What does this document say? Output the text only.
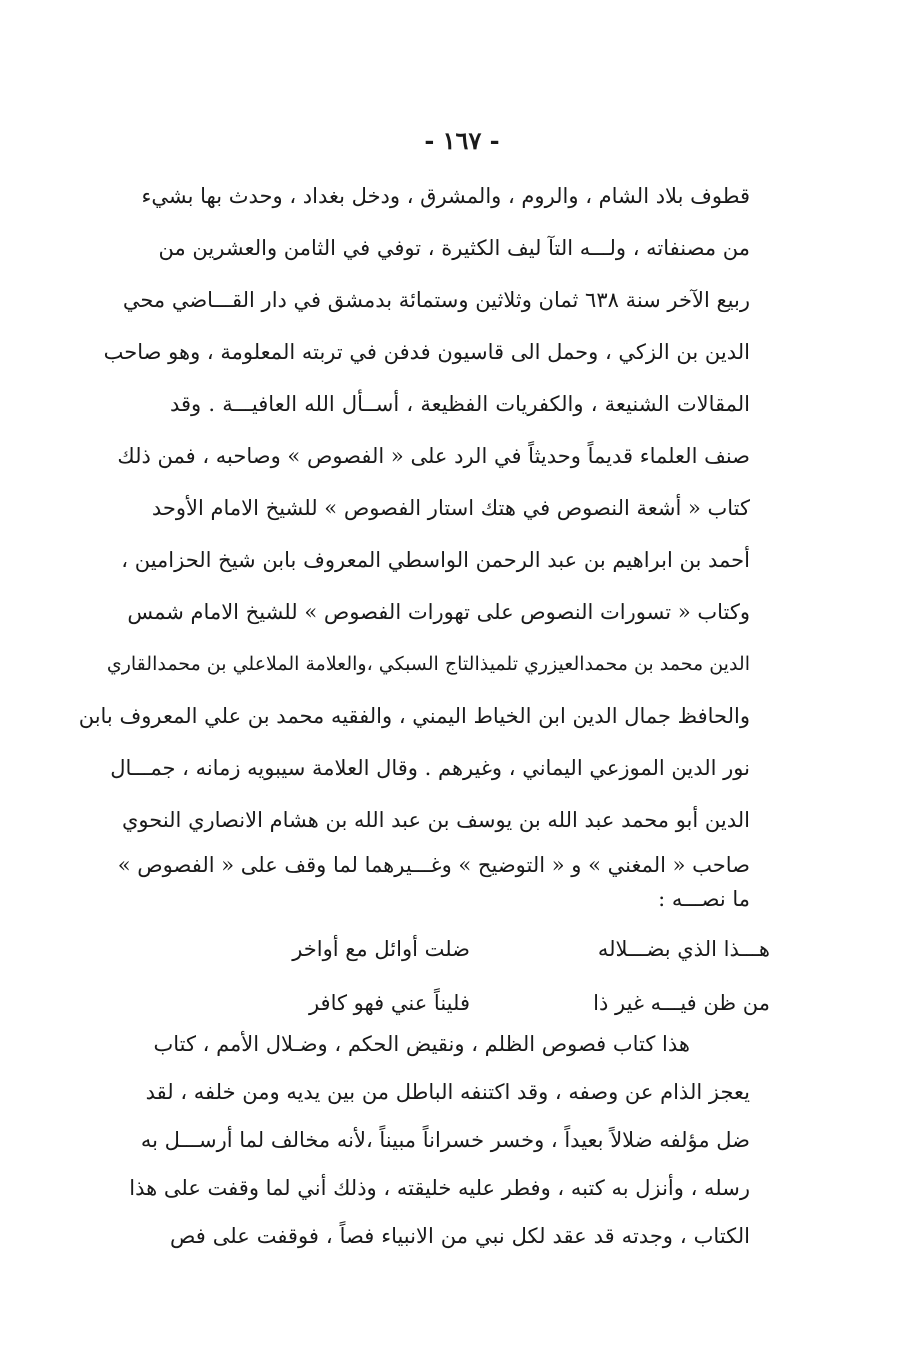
- ١٦٧ -
قطوف بلاد الشام ، والروم ، والمشرق ، ودخل بغداد ، وحدث بها بشيء
من مصنفاته ، ولـــه التآ ليف الكثيرة ، توفي في الثامن والعشرين من
ربيع الآخر سنة ٦٣٨ ثمان وثلاثين وستمائة بدمشق في دار القـــاضي محي
الدين بن الزكي ، وحمل الى قاسيون فدفن في تربته المعلومة ، وهو صاحب
المقالات الشنيعة ، والكفريات الفظيعة ، أســأل الله العافيـــة . وقد
صنف العلماء قديماً وحديثاً في الرد على « الفصوص » وصاحبه ، فمن ذلك
كتاب « أشعة النصوص في هتك استار الفصوص » للشيخ الامام الأوحد
أحمد بن ابراهيم بن عبد الرحمن الواسطي المعروف بابن شيخ الحزامين ،
وكتاب « تسورات النصوص على تهورات الفصوص » للشيخ الامام شمس
الدين محمد بن محمدالعيزري تلميذالتاج السبكي ،والعلامة الملاعلي بن محمدالقاري
والحافظ جمال الدين ابن الخياط اليمني ، والفقيه محمد بن علي المعروف بابن
نور الدين الموزعي اليماني ، وغيرهم . وقال العلامة سيبويه زمانه ، جمـــال
الدين أبو محمد عبد الله بن يوسف بن عبد الله بن هشام الانصاري النحوي
صاحب « المغني » و « التوضيح » وغـــيرهما لما وقف على « الفصوص »
ما نصـــه :
هـــذا الذي بضـــلاله
ضلت أوائل مع أواخر
من ظن فيـــه غير ذا
فليناً عني فهو كافر
هذا كتاب فصوص الظلم ، ونقيض الحكم ، وضـلال الأمم ، كتاب
يعجز الذام عن وصفه ، وقد اكتنفه الباطل من بين يديه ومن خلفه ، لقد
ضل مؤلفه ضلالاً بعيداً ، وخسر خسراناً مبيناً ،لأنه مخالف لما أرســـل به
رسله ، وأنزل به كتبه ، وفطر عليه خليقته ، وذلك أني لما وقفت على هذا
الكتاب ، وجدته قد عقد لكل نبي من الانبياء فصاً ، فوقفت على فص
